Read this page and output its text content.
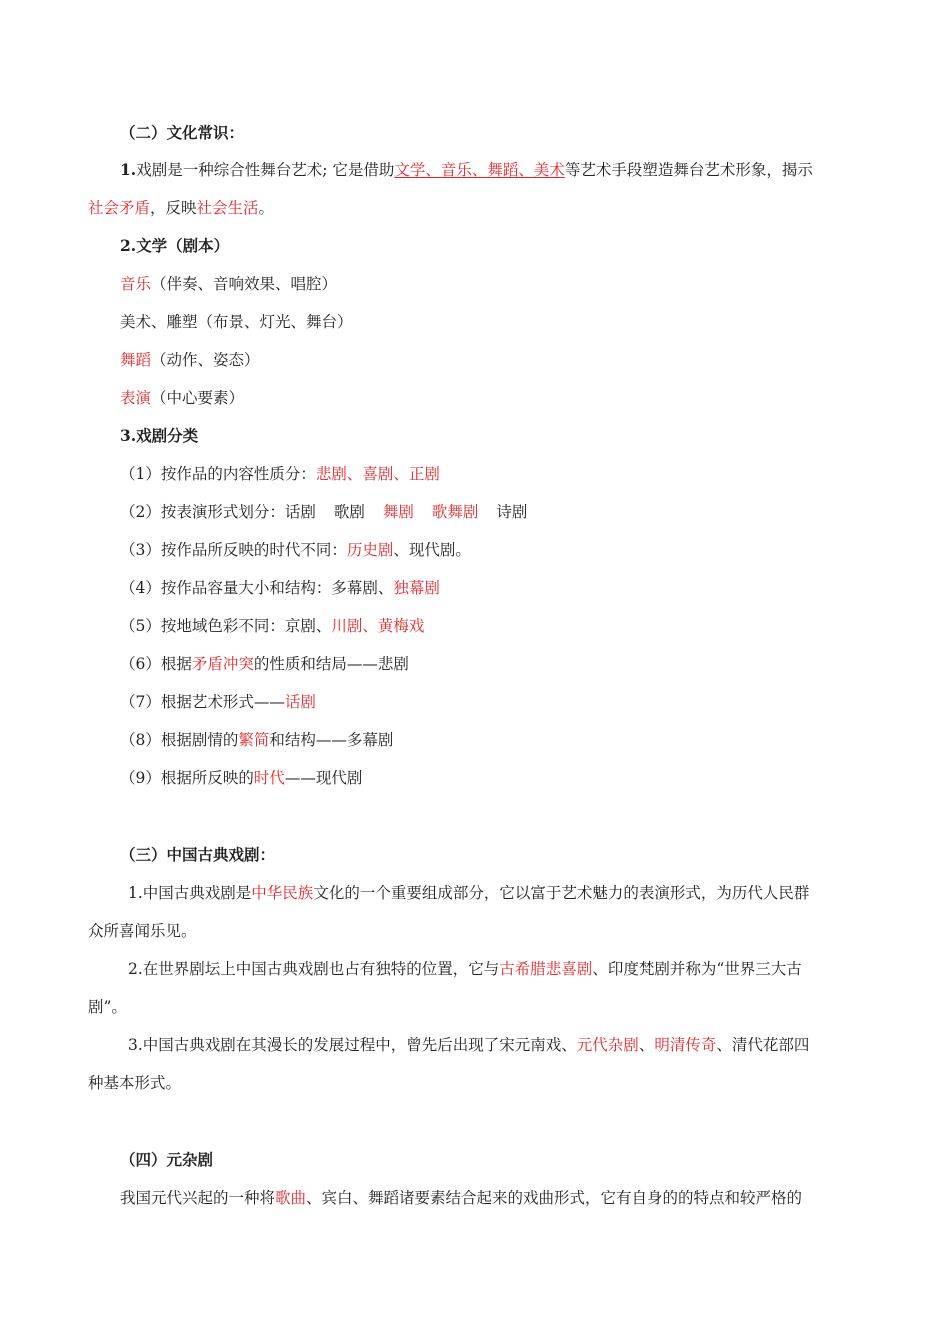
（二）文化常识：
1.戏剧是一种综合性舞台艺术; 它是借助文学、音乐、舞蹈、美术等艺术手段塑造舞台艺术形象，揭示
社会矛盾，反映社会生活。
2.文学（剧本）
音乐（伴奏、音响效果、唱腔）
美术、雕塑（布景、灯光、舞台）
舞蹈（动作、姿态）
表演（中心要素）
3.戏剧分类
（1）按作品的内容性质分：悲剧、喜剧、正剧
（2）按表演形式划分：话剧 歌剧 舞剧 歌舞剧 诗剧
（3）按作品所反映的时代不同：历史剧、现代剧。
（4）按作品容量大小和结构：多幕剧、独幕剧
（5）按地域色彩不同：京剧、川剧、黄梅戏
（6）根据矛盾冲突的性质和结局——悲剧
（7）根据艺术形式——话剧
（8）根据剧情的繁简和结构——多幕剧
（9）根据所反映的时代——现代剧
（三）中国古典戏剧：
1.中国古典戏剧是中华民族文化的一个重要组成部分，它以富于艺术魅力的表演形式，为历代人民群
众所喜闻乐见。
2.在世界剧坛上中国古典戏剧也占有独特的位置，它与古希腊悲喜剧、印度梵剧并称为“世界三大古
剧”。
3.中国古典戏剧在其漫长的发展过程中，曾先后出现了宋元南戏、元代杂剧、明清传奇、清代花部四
种基本形式。
（四）元杂剧
我国元代兴起的一种将歌曲、宾白、舞蹈诸要素结合起来的戏曲形式，它有自身的的特点和较严格的
